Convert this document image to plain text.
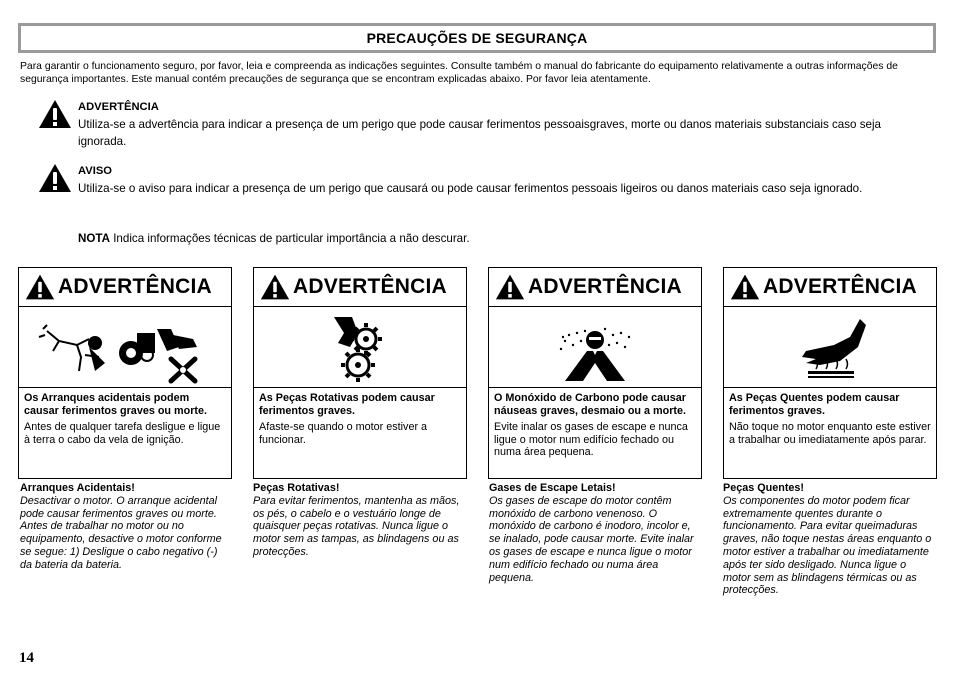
PRECAUÇÕES DE SEGURANÇA
Para garantir o funcionamento seguro, por favor, leia e compreenda as indicações seguintes. Consulte também o manual do fabricante do equipamento relativamente a outras informações de segurança importantes. Este manual contém precauções de segurança que se encontram explicadas abaixo. Por favor leia atentamente.
ADVERTÊNCIA
Utiliza-se a advertência para indicar a presença de um perigo que pode causar ferimentos pessoaisgraves, morte ou danos materiais substanciais caso seja ignorada.
AVISO
Utiliza-se o aviso para indicar a presença de um perigo que causará ou pode causar ferimentos pessoais ligeiros ou danos materiais caso seja ignorado.
NOTA Indica informações técnicas de particular importância a não descurar.
ADVERTÊNCIA
Os Arranques acidentais podem causar ferimentos graves ou morte.
Antes de qualquer tarefa desligue e ligue à terra o cabo da vela de ignição.
ADVERTÊNCIA
As Peças Rotativas podem causar ferimentos graves.
Afaste-se quando o motor estiver a funcionar.
ADVERTÊNCIA
O Monóxido de Carbono pode causar náuseas graves, desmaio ou a morte.
Evite inalar os gases de escape e nunca ligue o motor num edifício fechado ou numa área pequena.
ADVERTÊNCIA
As Peças Quentes podem causar ferimentos graves.
Não toque no motor enquanto este estiver a trabalhar ou imediatamente após parar.
Arranques Acidentais!
Desactivar o motor. O arranque acidental pode causar ferimentos graves ou morte. Antes de trabalhar no motor ou no equipamento, desactive o motor conforme se segue: 1) Desligue o cabo negativo (-) da bateria da bateria.
Peças Rotativas!
Para evitar ferimentos, mantenha as mãos, os pés, o cabelo e o vestuário longe de quaisquer peças rotativas. Nunca ligue o motor sem as tampas, as blindagens ou as protecções.
Gases de Escape Letais!
Os gases de escape do motor contêm monóxido de carbono venenoso. O monóxido de carbono é inodoro, incolor e, se inalado, pode causar morte. Evite inalar os gases de escape e nunca ligue o motor num edifício fechado ou numa área pequena.
Peças Quentes!
Os componentes do motor podem ficar extremamente quentes durante o funcionamento. Para evitar queimaduras graves, não toque nestas áreas enquanto o motor estiver a trabalhar ou imediatamente após ter sido desligado. Nunca ligue o motor sem as blindagens térmicas ou as protecções.
14
